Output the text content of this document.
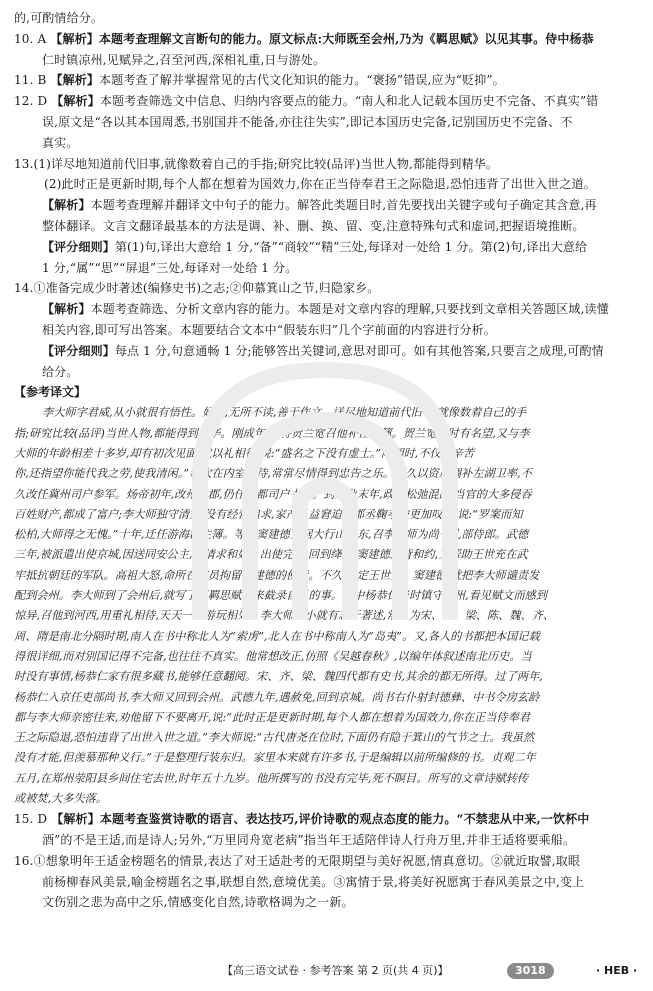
的,可酌情给分。
10. A 【解析】本题考查理解文言断句的能力。原文标点:大师既至会州,乃为《羁思赋》以见其事。侍中杨恭
仁时镇凉州,见赋异之,召至河西,深相礼重,日与游处。
11. B 【解析】本题考查了解并掌握常见的古代文化知识的能力。“褒扬”错误,应为“贬抑”。
12. D 【解析】本题考查筛选文中信息、归纳内容要点的能力。“南人和北人记载本国历史不完备、不真实”错
误,原文是“各以其本国周悉,书别国并不能备,亦往往失实”,即记本国历史完备,记别国历史不完备、不
真实。
13.(1)详尽地知道前代旧事,就像数着自己的手指;研究比较(品评)当世人物,都能得到精华。
(2)此时正是更新时期,每个人都在想着为国效力,你在正当侍奉君王之际隐退,恐怕违背了出世入世之道。
【解析】本题考查理解并翻译文中句子的能力。解答此类题目时,首先要找出关键字或句子确定其含意,再
整体翻译。文言文翻译最基本的方法是调、补、删、换、留、变,注意特殊句式和虚词,把握语境推断。
【评分细则】第(1)句,译出大意给 1 分,“备”“商较”“精”三处,每译对一处给 1 分。第(2)句,译出大意给
1 分,“属”“思”“屏退”三处,每译对一处给 1 分。
14.①准备完成少时著述(编修史书)之志;②仰慕箕山之节,归隐家乡。
【解析】本题考查筛选、分析文章内容的能力。本题是对文章内容的理解,只要找到文章相关答题区域,读懂
相关内容,即可写出答案。本题要结合文本中“假装东归”几个字前面的内容进行分析。
【评分细则】每点 1 分,句意通畅 1 分;能够答出关键词,意思对即可。如有其他答案,只要言之成理,可酌情
给分。
【参考译文】
李大师字君威,从小就很有悟性。好学,无所不读,善于作文。详尽地知道前代旧事,就像数着自己的手
指;研究比较(品评)当世人物,都能得到精华。刚成年,州将贺兰宽召他补任主簿。贺兰宽当时有名望,又与李
大师的年龄相差十多岁,却有初次见面,就以礼相待,说:“盛名之下没有虚士。”隋朝时,不仅要辛苦
你,还指望你能代我之劳,使我清闲。”每次在内室接待,常常尽情得到忠告之乐。不久以资历调补左湖卫率,不
久改任冀州司户参军。炀帝初年,改州为郡,仍任信都司户书佐。到大业末年,政治松弛混乱,当官的大多侵吞
百姓财产,都成了富户;李大师独守清贫,没有经营追求,家产日益窘迫。郡丞鞠孝棱更加叹服,说:“罗案而知
松柏,大师得之无愧。”十年,迁任游海郡主簿。等到窦建德占据大行山以东,召李大师为尚书礼部侍郎。武德
三年,被派遣出使京城,因送同安公主,就请求和好。出使完毕,回到绛州,窦建德违背和约,又帮助王世充在武
牢抵抗朝廷的军队。高祖大怒,命所在官员拘留窦建德的使者。不久,平定王世充、窦建德,就把李大师谴责发
配到会州。李大师到了会州后,就写了《羁思赋》来截录自己的事。侍中杨恭仁当时镇守凉州,看见赋文而感到
惊异,召他到河西,用重礼相待,天天一同游玩相处。李大师从小就有志于著述,常认为宋、齐、梁、陈、魏、齐、
周、隋是南北分隔时期,南人在书中称北人为“索虏”,北人在书中称南人为“岛夷”。又,各人的书都把本国记载
得很详细,而对别国记得不完备,也往往不真实。他常想改正,仿照《吴越春秋》,以编年体叙述南北历史。当
时没有事情,杨恭仁家有很多藏书,能够任意翻阅。宋、齐、梁、魏四代都有史书,其余的都无所得。过了两年,
杨恭仁入京任吏部尚书,李大师又回到会州。武德九年,遇赦免,回到京城。尚书右仆射封德彝、中书令房玄龄
都与李大师亲密往来,劝他留下不要离开,说:“此时正是更新时期,每个人都在想着为国效力,你在正当侍奉君
王之际隐退,恐怕违背了出世入世之道。”李大师说:“古代唐尧在位时,下面仍有隐于箕山的气节之士。我虽然
没有才能,但羡慕那种义行。”于是整理行装东归。家里本来就有许多书,于是编辑以前所编修的书。贞观二年
五月,在郑州荥阳县乡间住宅去世,时年五十九岁。他所撰写的书没有完毕,死不瞑目。所写的文章诗赋转传
或被焚,大多失落。
15. D 【解析】本题考查鉴赏诗歌的语言、表达技巧,评价诗歌的观点态度的能力。“不禁悲从中来,一饮杯中
酒”的不是王适,而是诗人;另外,“万里同舟宽老病”指当年王适陪伴诗人行舟万里,并非王适将要乘船。
16.①想象明年王适金榜题名的情景,表达了对王适赴考的无限期望与美好祝愿,情真意切。②就近取譬,取眼
前杨柳春风美景,喻金榜题名之事,联想自然,意境优美。③寓情于景,将美好祝愿寓于春风美景之中,变上
文伤别之悲为高中之乐,情感变化自然,诗歌格调为之一新。
【高三语文试卷 · 参考答案 第 2 页(共 4 页)】	3018	· HEB ·
